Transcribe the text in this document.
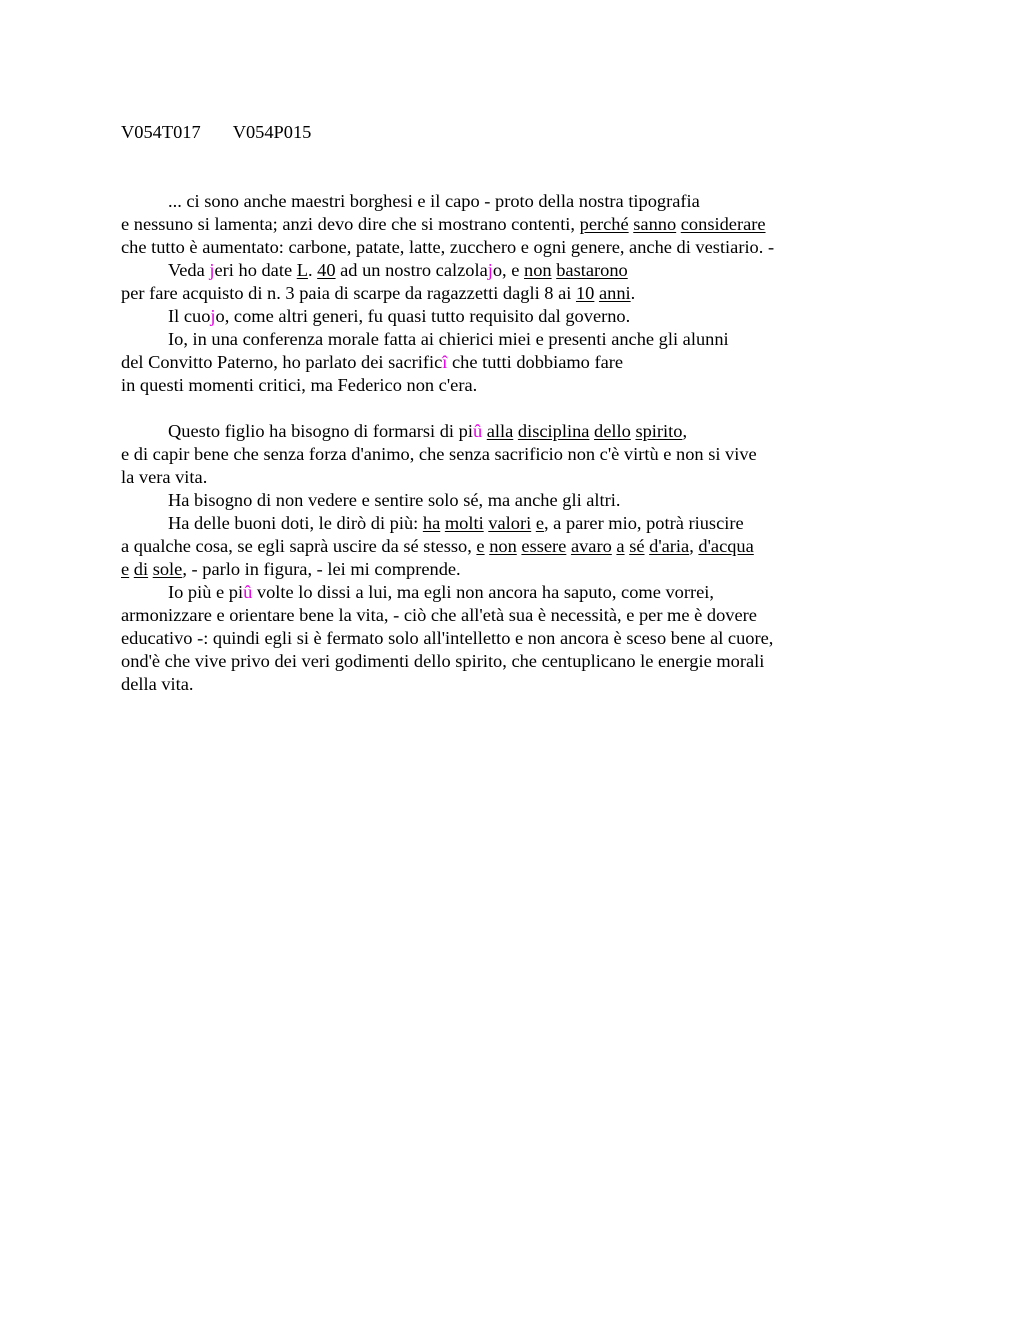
V054T017 V054P015
... ci sono anche maestri borghesi e il capo - proto della nostra tipografia
e nessuno si lamenta; anzi devo dire che si mostrano contenti, perché sanno considerare
che tutto è aumentato: carbone, patate, latte, zucchero e ogni genere, anche di vestiario. -
Veda jeri ho date L. 40 ad un nostro calzolajo, e non bastarono
per fare acquisto di n. 3 paia di scarpe da ragazzetti dagli 8 ai 10 anni.
Il cuojo, come altri generi, fu quasi tutto requisito dal governo.
Io, in una conferenza morale fatta ai chierici miei e presenti anche gli alunni
del Convitto Paterno, ho parlato dei sacrificî che tutti dobbiamo fare
in questi momenti critici, ma Federico non c'era.
Questo figlio ha bisogno di formarsi di piû alla disciplina dello spirito,
e di capir bene che senza forza d'animo, che senza sacrificio non c'è virtù e non si vive
la vera vita.
Ha bisogno di non vedere e sentire solo sé, ma anche gli altri.
Ha delle buoni doti, le dirò di più: ha molti valori e, a parer mio, potrà riuscire
a qualche cosa, se egli saprà uscire da sé stesso, e non essere avaro a sé d'aria, d'acqua
e di sole, - parlo in figura, - lei mi comprende.
Io più e piû volte lo dissi a lui, ma egli non ancora ha saputo, come vorrei,
armonizzare e orientare bene la vita, - ciò che all'età sua è necessità, e per me è dovere
educativo -: quindi egli si è fermato solo all'intelletto e non ancora è sceso bene al cuore,
ond'è che vive privo dei veri godimenti dello spirito, che centuplicano le energie morali
della vita.
